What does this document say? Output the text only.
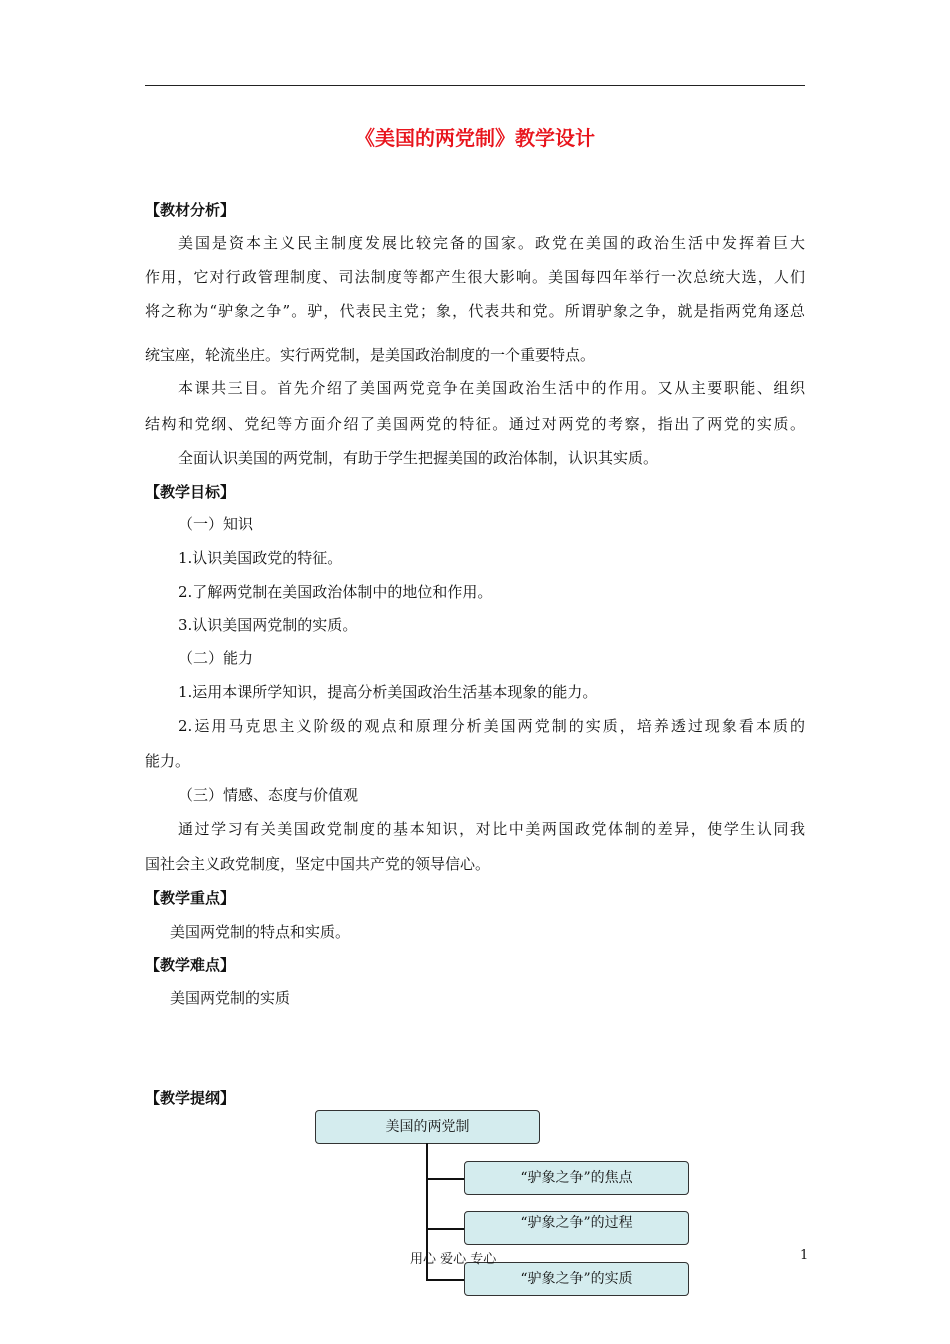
《美国的两党制》教学设计
【教材分析】
美国是资本主义民主制度发展比较完备的国家。政党在美国的政治生活中发挥着巨大
作用，它对行政管理制度、司法制度等都产生很大影响。美国每四年举行一次总统大选，人们
将之称为“驴象之争”。驴，代表民主党；象，代表共和党。所谓驴象之争，就是指两党角逐总
统宝座，轮流坐庄。实行两党制，是美国政治制度的一个重要特点。
本课共三目。首先介绍了美国两党竞争在美国政治生活中的作用。又从主要职能、组织
结构和党纲、党纪等方面介绍了美国两党的特征。通过对两党的考察，指出了两党的实质。
全面认识美国的两党制，有助于学生把握美国的政治体制，认识其实质。
【教学目标】
（一）知识
1.认识美国政党的特征。
2.了解两党制在美国政治体制中的地位和作用。
3.认识美国两党制的实质。
（二）能力
1.运用本课所学知识，提高分析美国政治生活基本现象的能力。
2.运用马克思主义阶级的观点和原理分析美国两党制的实质，培养透过现象看本质的
能力。
（三）情感、态度与价值观
通过学习有关美国政党制度的基本知识，对比中美两国政党体制的差异，使学生认同我
国社会主义政党制度，坚定中国共产党的领导信心。
【教学重点】
美国两党制的特点和实质。
【教学难点】
美国两党制的实质
【教学提纲】
美国的两党制
“驴象之争”的焦点
“驴象之争”的过程
“驴象之争”的实质
用心 爱心 专心	1
